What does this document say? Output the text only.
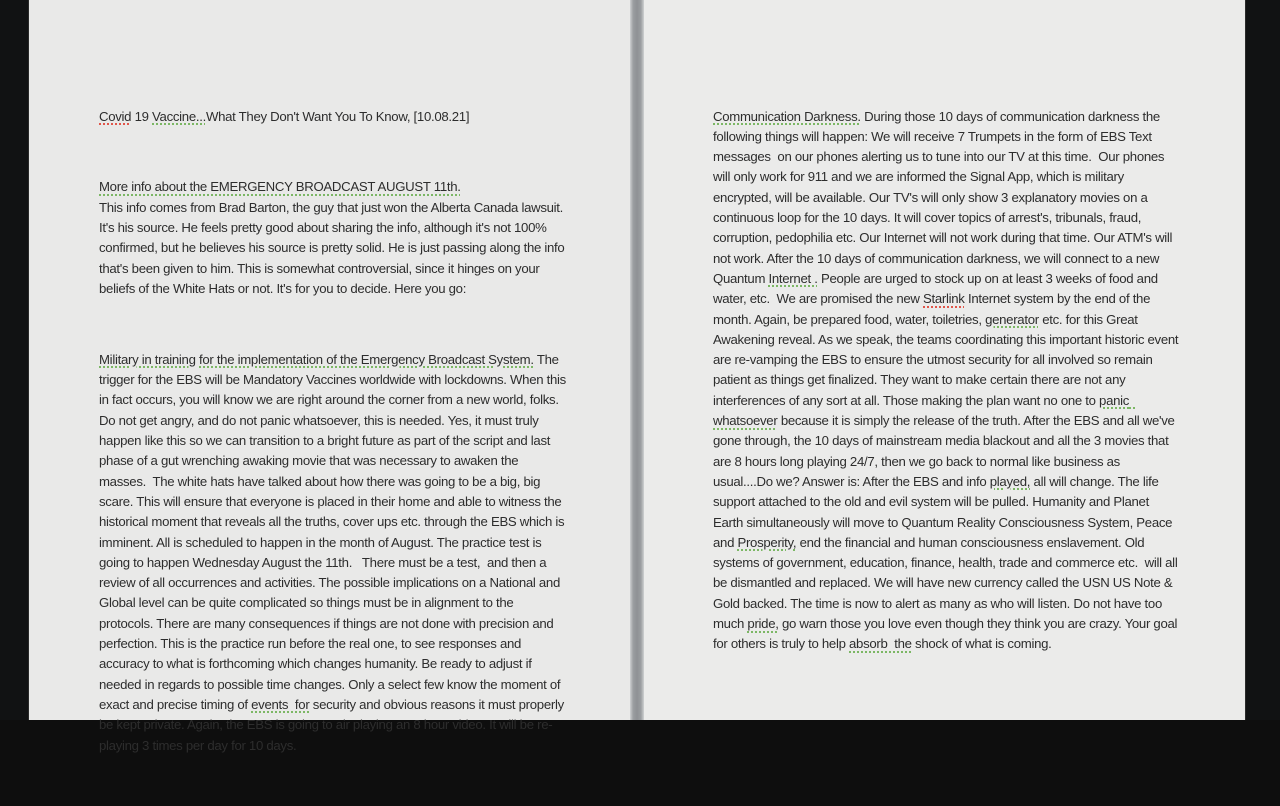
Covid 19 Vaccine...What They Don't Want You To Know, [10.08.21]

More info about the EMERGENCY BROADCAST AUGUST 11th.
This info comes from Brad Barton, the guy that just won the Alberta Canada lawsuit. It's his source. He feels pretty good about sharing the info, although it's not 100% confirmed, but he believes his source is pretty solid. He is just passing along the info that's been given to him. This is somewhat controversial, since it hinges on your beliefs of the White Hats or not. It's for you to decide. Here you go:

Military in training for the implementation of the Emergency Broadcast System. The trigger for the EBS will be Mandatory Vaccines worldwide with lockdowns. When this in fact occurs, you will know we are right around the corner from a new world, folks. Do not get angry, and do not panic whatsoever, this is needed. Yes, it must truly happen like this so we can transition to a bright future as part of the script and last phase of a gut wrenching awaking movie that was necessary to awaken the masses.  The white hats have talked about how there was going to be a big, big scare. This will ensure that everyone is placed in their home and able to witness the historical moment that reveals all the truths, cover ups etc. through the EBS which is imminent. All is scheduled to happen in the month of August. The practice test is going to happen Wednesday August the 11th.   There must be a test,  and then a review of all occurrences and activities. The possible implications on a National and Global level can be quite complicated so things must be in alignment to the protocols. There are many consequences if things are not done with precision and perfection. This is the practice run before the real one, to see responses and accuracy to what is forthcoming which changes humanity. Be ready to adjust if needed in regards to possible time changes. Only a select few know the moment of exact and precise timing of events  for security and obvious reasons it must properly be kept private. Again, the EBS is going to air playing an 8 hour video. It will be re-playing 3 times per day for 10 days.

Communication Darkness. During those 10 days of communication darkness the following things will happen: We will receive 7 Trumpets in the form of EBS Text messages  on our phones alerting us to tune into our TV at this time.  Our phones will only work for 911 and we are informed the Signal App, which is military encrypted, will be available. Our TV's will only show 3 explanatory movies on a continuous loop for the 10 days. It will cover topics of arrest's, tribunals, fraud, corruption, pedophilia etc. Our Internet will not work during that time. Our ATM's will not work. After the 10 days of communication darkness, we will connect to a new Quantum Internet . People are urged to stock up on at least 3 weeks of food and water, etc.  We are promised the new Starlink Internet system by the end of the month. Again, be prepared food, water, toiletries, generator etc. for this Great Awakening reveal. As we speak, the teams coordinating this important historic event are re-vamping the EBS to ensure the utmost security for all involved so remain patient as things get finalized. They want to make certain there are not any interferences of any sort at all. Those making the plan want no one to panic  whatsoever because it is simply the release of the truth. After the EBS and all we've gone through, the 10 days of mainstream media blackout and all the 3 movies that are 8 hours long playing 24/7, then we go back to normal like business as usual....Do we? Answer is: After the EBS and info played, all will change. The life support attached to the old and evil system will be pulled. Humanity and Planet Earth simultaneously will move to Quantum Reality Consciousness System, Peace and Prosperity, end the financial and human consciousness enslavement. Old systems of government, education, finance, health, trade and commerce etc.  will all be dismantled and replaced. We will have new currency called the USN US Note & Gold backed. The time is now to alert as many as who will listen. Do not have too much pride, go warn those you love even though they think you are crazy. Your goal for others is truly to help absorb  the shock of what is coming.
